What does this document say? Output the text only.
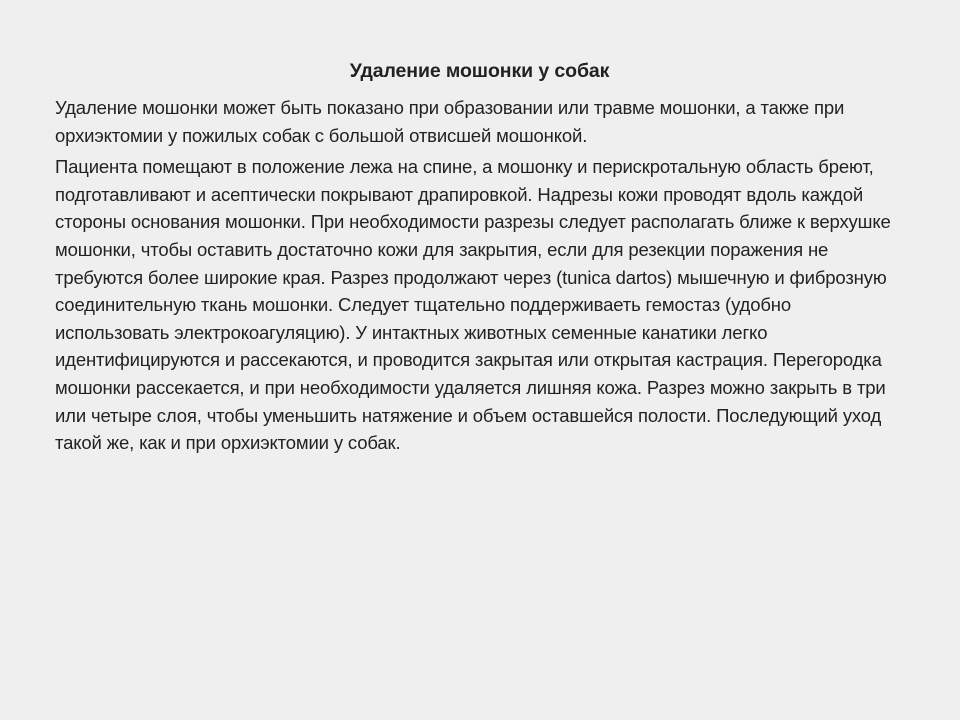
Удаление мошонки у собак

Удаление мошонки может быть показано при образовании или травме мошонки, а также при орхиэктомии у пожилых собак с большой отвисшей мошонкой.

Пациента помещают в положение лежа на спине, а мошонку и перискротальную область бреют, подготавливают и асептически покрывают драпировкой. Надрезы кожи проводят вдоль каждой стороны основания мошонки. При необходимости разрезы следует располагать ближе к верхушке мошонки, чтобы оставить достаточно кожи для закрытия, если для резекции поражения не требуются более широкие края. Разрез продолжают через (tunica dartos) мышечную и фиброзную соединительную ткань мошонки. Следует тщательно поддерживаеть гемостаз (удобно использовать электрокоагуляцию). У интактных животных семенные канатики легко идентифицируются и рассекаются, и проводится закрытая или открытая кастрация. Перегородка мошонки рассекается, и при необходимости удаляется лишняя кожа. Разрез можно закрыть в три или четыре слоя, чтобы уменьшить натяжение и объем оставшейся полости. Последующий уход такой же, как и при орхиэктомии у собак.
